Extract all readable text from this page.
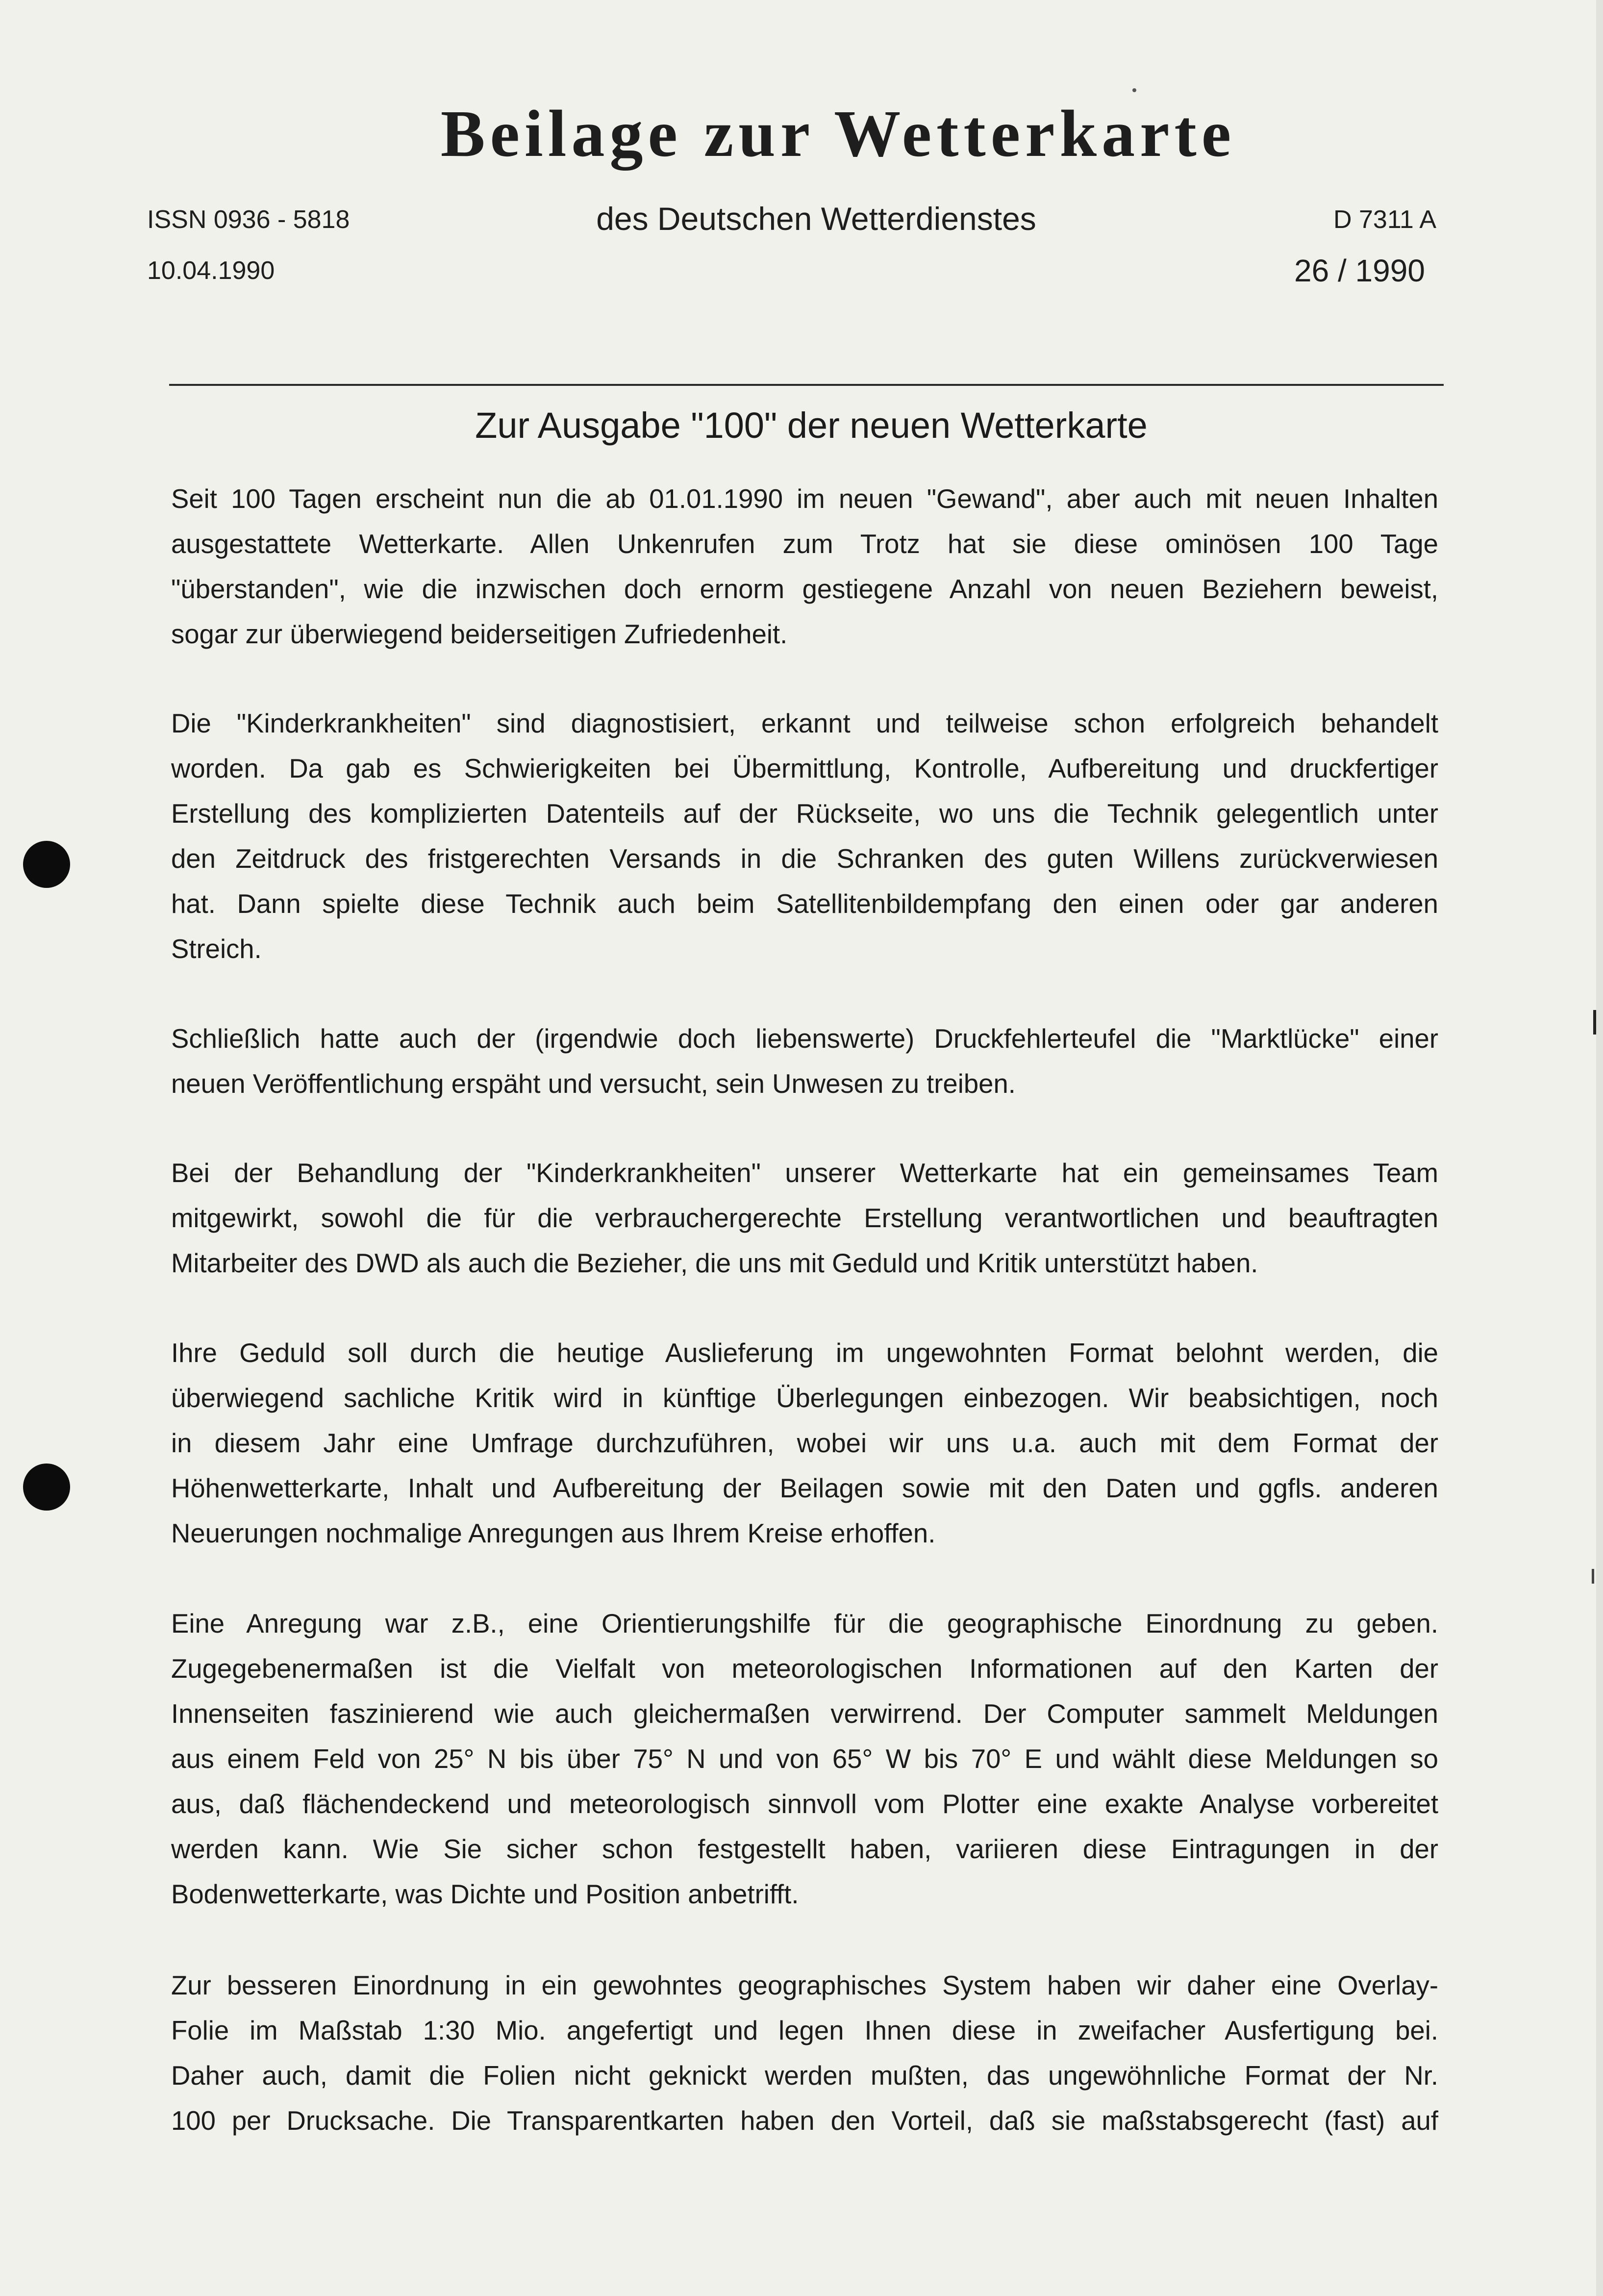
Beilage zur Wetterkarte
ISSN 0936 - 5818	des Deutschen Wetterdienstes	D 7311 A
10.04.1990	26 / 1990
Zur Ausgabe "100" der neuen Wetterkarte
Seit 100 Tagen erscheint nun die ab 01.01.1990 im neuen "Gewand", aber auch mit neuen Inhalten
ausgestattete Wetterkarte. Allen Unkenrufen zum Trotz hat sie diese ominösen 100 Tage
"überstanden", wie die inzwischen doch ernorm gestiegene Anzahl von neuen Beziehern beweist,
sogar zur überwiegend beiderseitigen Zufriedenheit.
Die "Kinderkrankheiten" sind diagnostisiert, erkannt und teilweise schon erfolgreich behandelt
worden. Da gab es Schwierigkeiten bei Übermittlung, Kontrolle, Aufbereitung und druckfertiger
Erstellung des komplizierten Datenteils auf der Rückseite, wo uns die Technik gelegentlich unter
den Zeitdruck des fristgerechten Versands in die Schranken des guten Willens zurückverwiesen
hat. Dann spielte diese Technik auch beim Satellitenbildempfang den einen oder gar anderen
Streich.
Schließlich hatte auch der (irgendwie doch liebenswerte) Druckfehlerteufel die "Marktlücke" einer
neuen Veröffentlichung erspäht und versucht, sein Unwesen zu treiben.
Bei der Behandlung der "Kinderkrankheiten" unserer Wetterkarte hat ein gemeinsames Team
mitgewirkt, sowohl die für die verbrauchergerechte Erstellung verantwortlichen und beauftragten
Mitarbeiter des DWD als auch die Bezieher, die uns mit Geduld und Kritik unterstützt haben.
Ihre Geduld soll durch die heutige Auslieferung im ungewohnten Format belohnt werden, die
überwiegend sachliche Kritik wird in künftige Überlegungen einbezogen. Wir beabsichtigen, noch
in diesem Jahr eine Umfrage durchzuführen, wobei wir uns u.a. auch mit dem Format der
Höhenwetterkarte, Inhalt und Aufbereitung der Beilagen sowie mit den Daten und ggfls. anderen
Neuerungen nochmalige Anregungen aus Ihrem Kreise erhoffen.
Eine Anregung war z.B., eine Orientierungshilfe für die geographische Einordnung zu geben.
Zugegebenermaßen ist die Vielfalt von meteorologischen Informationen auf den Karten der
Innenseiten faszinierend wie auch gleichermaßen verwirrend. Der Computer sammelt Meldungen
aus einem Feld von 25° N bis über 75° N und von 65° W bis 70° E und wählt diese Meldungen so
aus, daß flächendeckend und meteorologisch sinnvoll vom Plotter eine exakte Analyse vorbereitet
werden kann. Wie Sie sicher schon festgestellt haben, variieren diese Eintragungen in der
Bodenwetterkarte, was Dichte und Position anbetrifft.
Zur besseren Einordnung in ein gewohntes geographisches System haben wir daher eine Overlay-
Folie im Maßstab 1:30 Mio. angefertigt und legen Ihnen diese in zweifacher Ausfertigung bei.
Daher auch, damit die Folien nicht geknickt werden mußten, das ungewöhnliche Format der Nr.
100 per Drucksache. Die Transparentkarten haben den Vorteil, daß sie maßstabsgerecht (fast) auf
